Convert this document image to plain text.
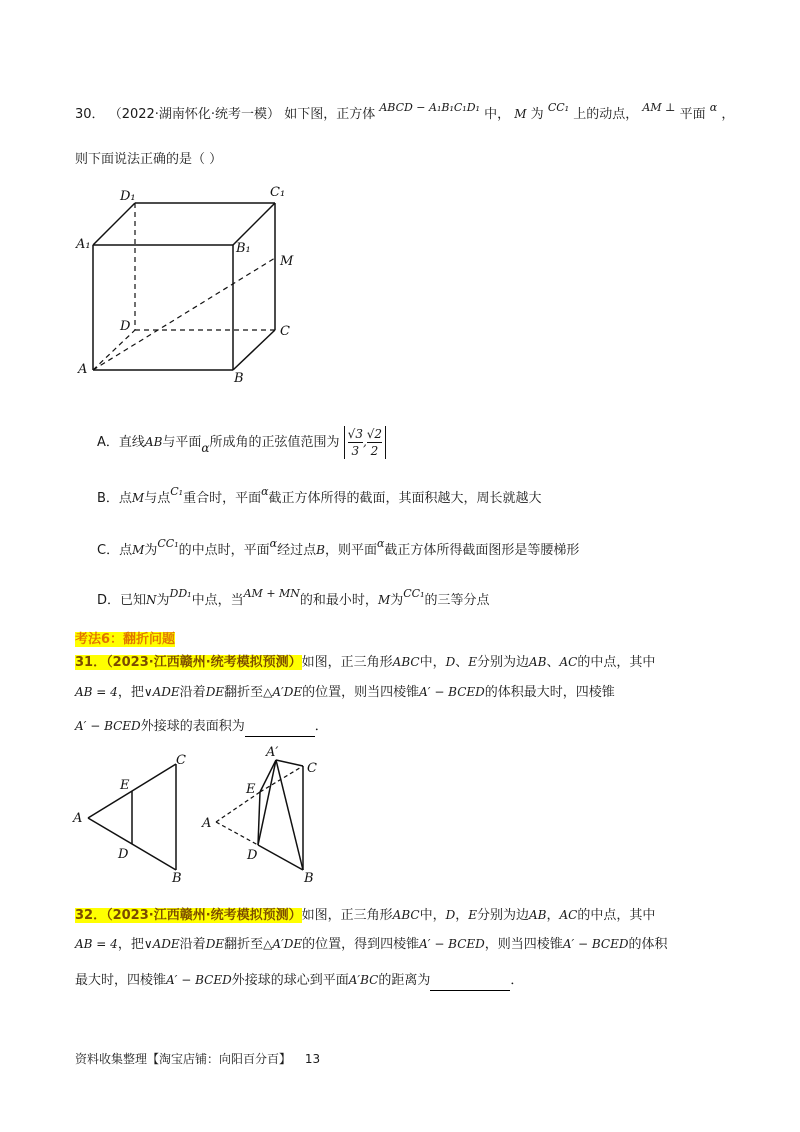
30． （2022·湖南怀化·统考一模） 如下图，正方体 $^{ABCD - A_1B_1C_1D_1}$ 中， M 为 $^{CC_1}$ 上的动点， $^{AM \perp}$ 平面 $^\alpha$ ，
则下面说法正确的是（ ）
D₁	C₁
A₁	B₁
M
D	C
A
B
A．直线AB与平面α所成角的正弦值范围为 $\frac{√3}{3}$ , $\frac{√2}{2}$
B．点M与点$^{C_1}$重合时，平面$^\alpha$截正方体所得的截面，其面积越大，周长就越大
C．点M为$^{CC_1}$的中点时，平面$^\alpha$经过点B，则平面$^\alpha$截正方体所得截面图形是等腰梯形
D．已知N为$^{DD_1}$中点，当$^{AM + MN}$的和最小时，M为$^{CC_1}$的三等分点
考法6：翻折问题
31．（2023·江西赣州·统考模拟预测）如图，正三角形ABC中，D、E分别为边AB、AC的中点，其中
AB = 4，把∨ADE沿着DE翻折至△A′DE的位置，则当四棱锥A′ − BCED的体积最大时，四棱锥
A′ − BCED外接球的表面积为	．
C
E
A
D
B
A′
C
E
A
D
B
32．（2023·江西赣州·统考模拟预测）如图，正三角形ABC中，D，E分别为边AB，AC的中点，其中
AB = 4，把∨ADE沿着DE翻折至△A′DE的位置，得到四棱锥A′ − BCED，则当四棱锥A′ − BCED的体积
最大时，四棱锥A′ − BCED外接球的球心到平面A′BC的距离为	．
资料收集整理【淘宝店铺：向阳百分百】 13
